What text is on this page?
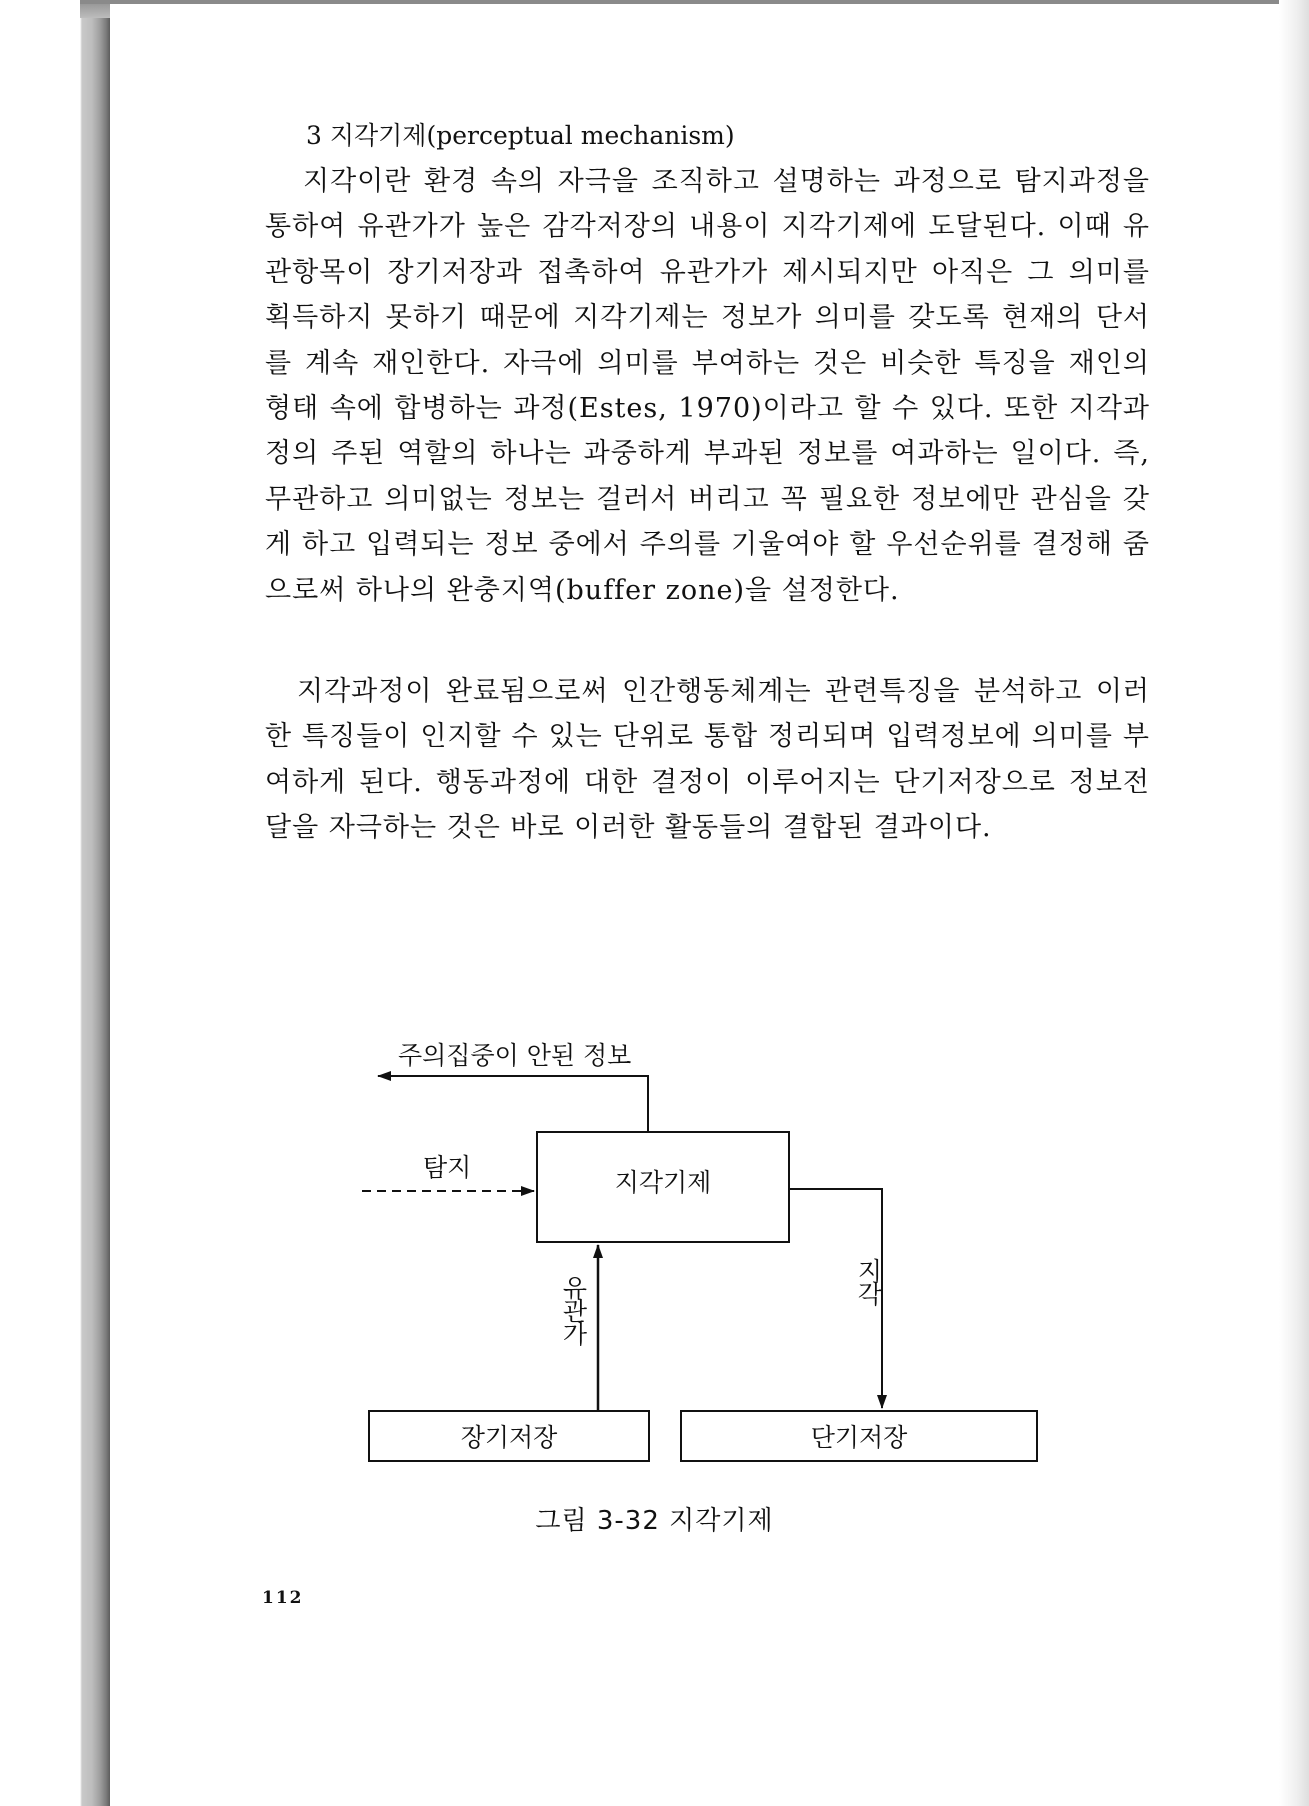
3 지각기제(perceptual mechanism)

지각이란 환경 속의 자극을 조직하고 설명하는 과정으로 탐지과정을 통하여 유관가가 높은 감각저장의 내용이 지각기제에 도달된다. 이때 유관항목이 장기저장과 접촉하여 유관가가 제시되지만 아직은 그 의미를 획득하지 못하기 때문에 지각기제는 정보가 의미를 갖도록 현재의 단서를 계속 재인한다. 자극에 의미를 부여하는 것은 비슷한 특징을 재인의 형태 속에 합병하는 과정(Estes, 1970)이라고 할 수 있다. 또한 지각과정의 주된 역할의 하나는 과중하게 부과된 정보를 여과하는 일이다. 즉, 무관하고 의미없는 정보는 걸러서 버리고 꼭 필요한 정보에만 관심을 갖게 하고 입력되는 정보 중에서 주의를 기울여야 할 우선순위를 결정해 줌으로써 하나의 완충지역(buffer zone)을 설정한다.

지각과정이 완료됨으로써 인간행동체계는 관련특징을 분석하고 이러한 특징들이 인지할 수 있는 단위로 통합 정리되며 입력정보에 의미를 부여하게 된다. 행동과정에 대한 결정이 이루어지는 단기저장으로 정보전달을 자극하는 것은 바로 이러한 활동들의 결합된 결과이다.

주의집중이 안된 정보
탐지
지각기제
유관가	지각
장기저장	단기저장
그림 3-32 지각기제
112
